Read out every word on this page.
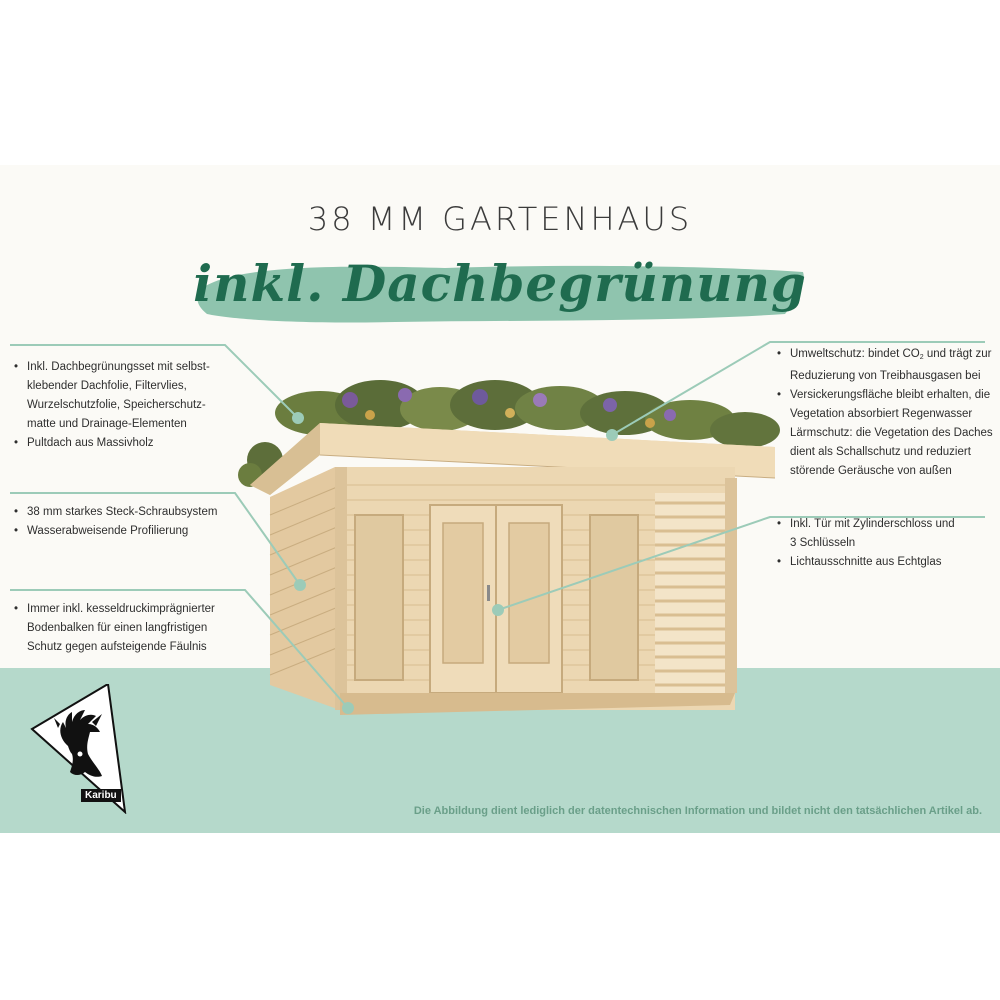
38 MM GARTENHAUS
inkl. Dachbegrünung
• Inkl. Dachbegrünungsset mit selbst-
klebender Dachfolie, Filtervlies,
Wurzelschutzfolie, Speicherschutz-
matte und Drainage-Elementen
• Pultdach aus Massivholz
• 38 mm starkes Steck-Schraubsystem
• Wasserabweisende Profilierung
• Immer inkl. kesseldruckimprägnierter
Bodenbalken für einen langfristigen
Schutz gegen aufsteigende Fäulnis
• Umweltschutz: bindet $CO_2$ und trägt zur
Reduzierung von Treibhausgasen bei
• Versickerungsfläche bleibt erhalten, die
Vegetation absorbiert Regenwasser
Lärmschutz: die Vegetation des Daches
dient als Schallschutz und reduziert
störende Geräusche von außen
• Inkl. Tür mit Zylinderschloss und
3 Schlüsseln
• Lichtausschnitte aus Echtglas
Karibu
Die Abbildung dient lediglich der datentechnischen Information und bildet nicht den tatsächlichen Artikel ab.
